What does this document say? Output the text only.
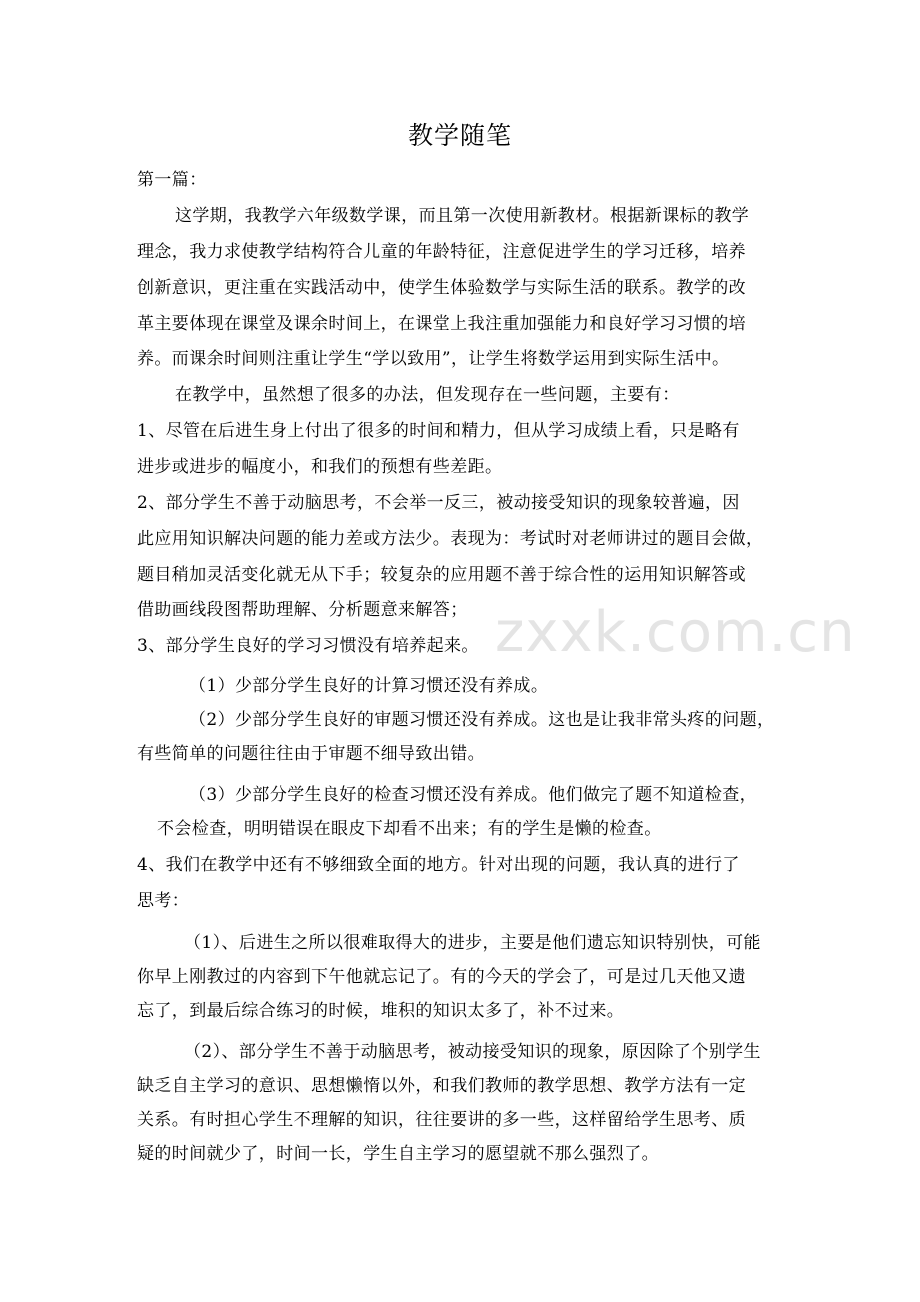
zxxk.com.cn
教学随笔
第一篇：
这学期，我教学六年级数学课，而且第一次使用新教材。根据新课标的教学
理念，我力求使教学结构符合儿童的年龄特征，注意促进学生的学习迁移，培养
创新意识，更注重在实践活动中，使学生体验数学与实际生活的联系。教学的改
革主要体现在课堂及课余时间上，在课堂上我注重加强能力和良好学习习惯的培
养。而课余时间则注重让学生“学以致用”，让学生将数学运用到实际生活中。
在教学中，虽然想了很多的办法，但发现存在一些问题，主要有：
1、尽管在后进生身上付出了很多的时间和精力，但从学习成绩上看，只是略有
进步或进步的幅度小，和我们的预想有些差距。
2、部分学生不善于动脑思考，不会举一反三，被动接受知识的现象较普遍，因
此应用知识解决问题的能力差或方法少。表现为：考试时对老师讲过的题目会做，
题目稍加灵活变化就无从下手；较复杂的应用题不善于综合性的运用知识解答或
借助画线段图帮助理解、分析题意来解答；
3、部分学生良好的学习习惯没有培养起来。
（1）少部分学生良好的计算习惯还没有养成。
（2）少部分学生良好的审题习惯还没有养成。这也是让我非常头疼的问题，
有些简单的问题往往由于审题不细导致出错。
（3）少部分学生良好的检查习惯还没有养成。他们做完了题不知道检查，
不会检查，明明错误在眼皮下却看不出来；有的学生是懒的检查。
4、我们在教学中还有不够细致全面的地方。针对出现的问题，我认真的进行了
思考：
（1）、后进生之所以很难取得大的进步，主要是他们遗忘知识特别快，可能
你早上刚教过的内容到下午他就忘记了。有的今天的学会了，可是过几天他又遗
忘了，到最后综合练习的时候，堆积的知识太多了，补不过来。
（2）、部分学生不善于动脑思考，被动接受知识的现象，原因除了个别学生
缺乏自主学习的意识、思想懒惰以外，和我们教师的教学思想、教学方法有一定
关系。有时担心学生不理解的知识，往往要讲的多一些，这样留给学生思考、质
疑的时间就少了，时间一长，学生自主学习的愿望就不那么强烈了。
